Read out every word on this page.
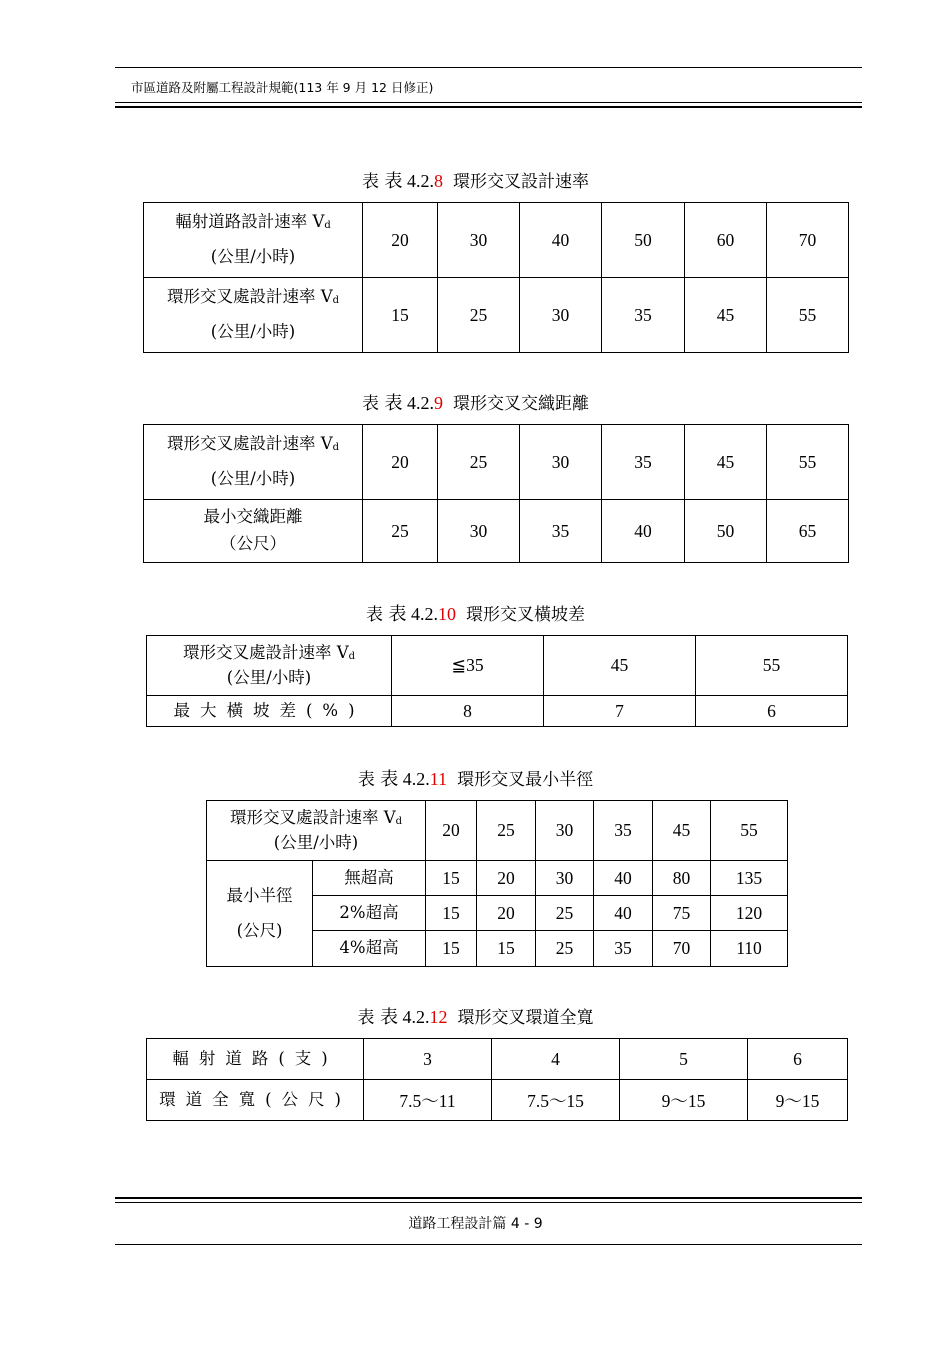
市區道路及附屬工程設計規範(113 年 9 月 12 日修正)
表 表 4.2.8 環形交叉設計速率
輻射道路設計速率 $V_d$
(公里/小時)	20	30	40	50	60	70

環形交叉處設計速率 $V_d$
(公里/小時)	15	25	30	35	45	55
表 表 4.2.9 環形交叉交織距離
環形交叉處設計速率 $V_d$
(公里/小時)	20	25	30	35	45	55

最小交織距離
（公尺）	25	30	35	40	50	65
表 表 4.2.10 環形交叉橫坡差
環形交叉處設計速率 $V_d$
(公里/小時)	≦35	45	55
最大橫坡差(%)	8	7	6
表 表 4.2.11 環形交叉最小半徑
環形交叉處設計速率 $V_d$
(公里/小時)		20	25	30	35	45	55

最小半徑
(公尺)	無超高	15	20	30	40	80	135
	2%超高	15	20	25	40	75	120
	4%超高	15	15	25	35	70	110
表 表 4.2.12 環形交叉環道全寬
輻射道路(支)	3	4	5	6
環道全寬(公尺)	7.5～11	7.5～15	9～15	9～15
道路工程設計篇 4 - 9
